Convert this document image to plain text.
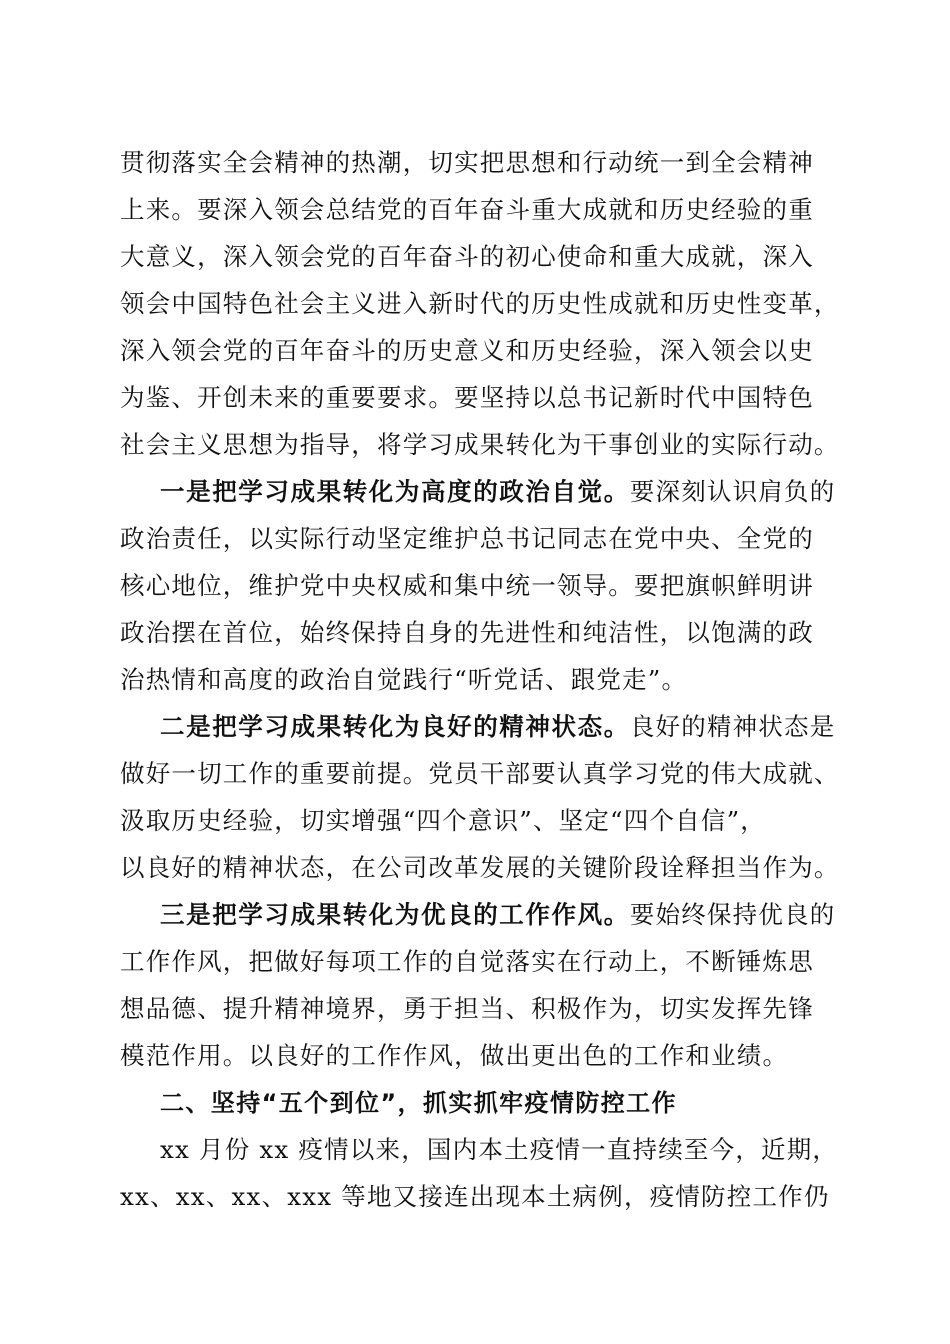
贯彻落实全会精神的热潮，切实把思想和行动统一到全会精神
上来。要深入领会总结党的百年奋斗重大成就和历史经验的重
大意义，深入领会党的百年奋斗的初心使命和重大成就，深入
领会中国特色社会主义进入新时代的历史性成就和历史性变革，
深入领会党的百年奋斗的历史意义和历史经验，深入领会以史
为鉴、开创未来的重要要求。要坚持以总书记新时代中国特色
社会主义思想为指导，将学习成果转化为干事创业的实际行动。
一是把学习成果转化为高度的政治自觉。要深刻认识肩负的
政治责任，以实际行动坚定维护总书记同志在党中央、全党的
核心地位，维护党中央权威和集中统一领导。要把旗帜鲜明讲
政治摆在首位，始终保持自身的先进性和纯洁性，以饱满的政
治热情和高度的政治自觉践行“听党话、跟党走”。
二是把学习成果转化为良好的精神状态。良好的精神状态是
做好一切工作的重要前提。党员干部要认真学习党的伟大成就、
汲取历史经验，切实增强“四个意识”、坚定“四个自信”，
以良好的精神状态，在公司改革发展的关键阶段诠释担当作为。
三是把学习成果转化为优良的工作作风。要始终保持优良的
工作作风，把做好每项工作的自觉落实在行动上，不断锤炼思
想品德、提升精神境界，勇于担当、积极作为，切实发挥先锋
模范作用。以良好的工作作风，做出更出色的工作和业绩。
二、坚持“五个到位”，抓实抓牢疫情防控工作
xx 月份 xx 疫情以来，国内本土疫情一直持续至今，近期，
xx、xx、xx、xxx 等地又接连出现本土病例，疫情防控工作仍
